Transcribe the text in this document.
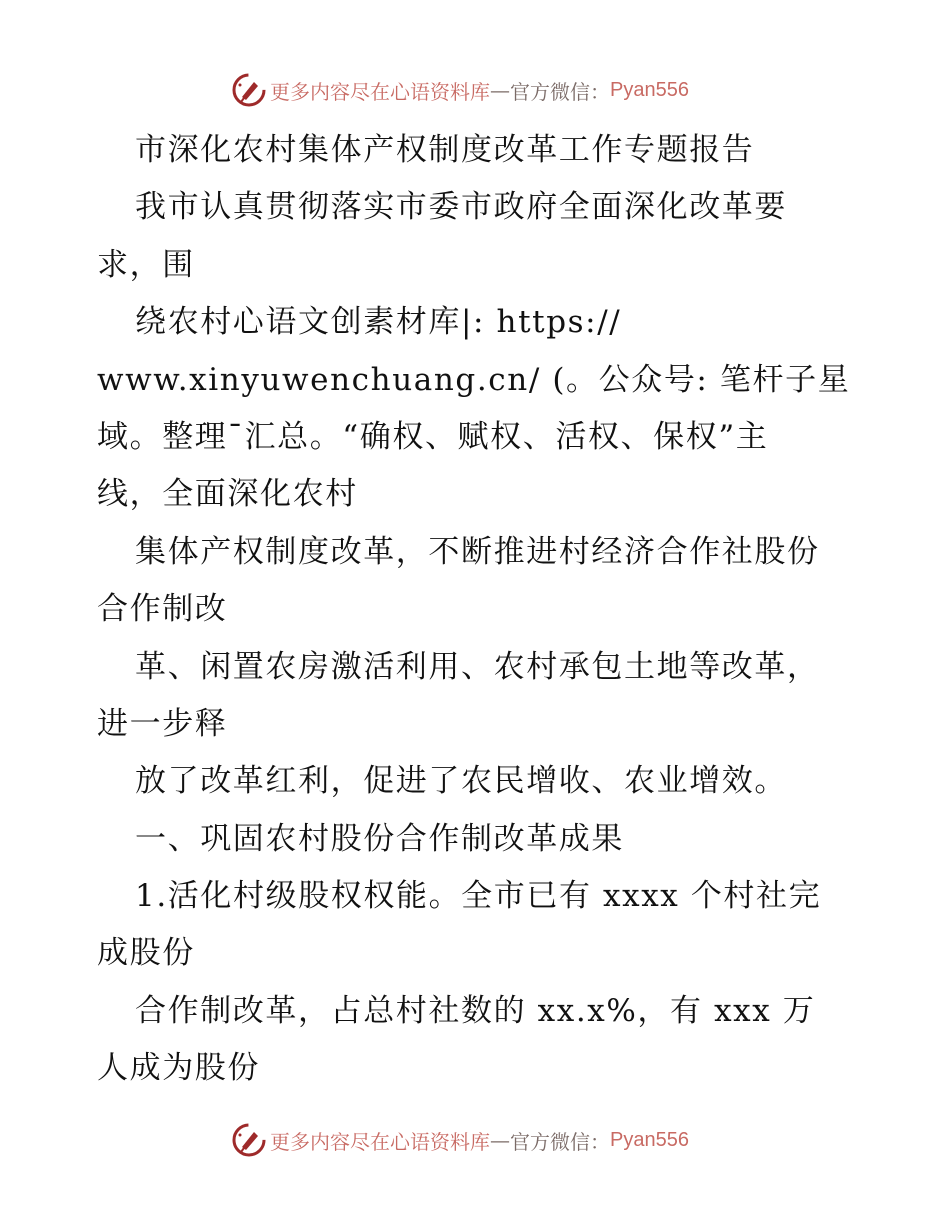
更多内容尽在心语资料库 — 官方微信： Pyan556
市深化农村集体产权制度改革工作专题报告
我市认真贯彻落实市委市政府全面深化改革要
求，围
绕农村心语文创素材库|: https://
www.xinyuwenchuang.cn/ (。公众号: 笔杆子星
域。整理¯汇总。“确权、赋权、活权、保权”主
线，全面深化农村
集体产权制度改革，不断推进村经济合作社股份
合作制改
革、闲置农房激活利用、农村承包土地等改革，
进一步释
放了改革红利，促进了农民增收、农业增效。
一、巩固农村股份合作制改革成果
1.活化村级股权权能。全市已有 xxxx 个村社完
成股份
合作制改革，占总村社数的 xx.x%，有 xxx 万
人成为股份
更多内容尽在心语资料库 — 官方微信： Pyan556
